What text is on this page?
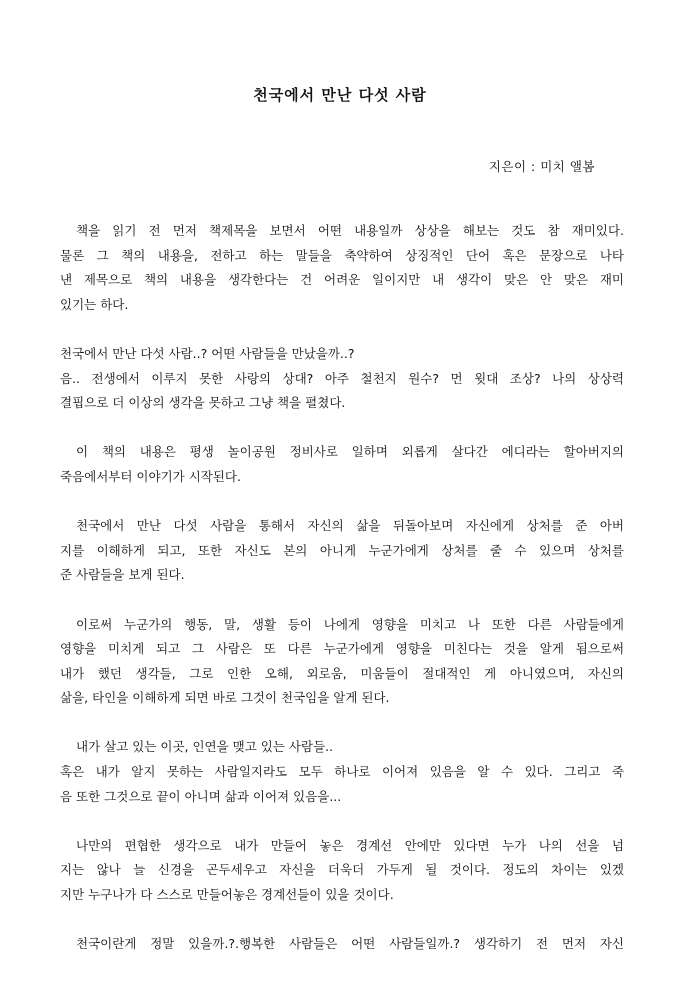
천국에서 만난 다섯 사람
지은이 : 미치 앨봄

책을 읽기 전 먼저 책제목을 보면서 어떤 내용일까 상상을 해보는 것도 참 재미있다.
물론 그 책의 내용을, 전하고 하는 말들을 축약하여 상징적인 단어 혹은 문장으로 나타
낸 제목으로 책의 내용을 생각한다는 건 어려운 일이지만 내 생각이 맞은 안 맞은 재미
있기는 하다.

천국에서 만난 다섯 사람..? 어떤 사람들을 만났을까..?
음.. 전생에서 이루지 못한 사랑의 상대? 아주 철천지 원수? 먼 윗대 조상? 나의 상상력
결핍으로 더 이상의 생각을 못하고 그냥 책을 펼쳤다.

이 책의 내용은 평생 놀이공원 정비사로 일하며 외롭게 살다간 에디라는 할아버지의
죽음에서부터 이야기가 시작된다.

천국에서 만난 다섯 사람을 통해서 자신의 삶을 뒤돌아보며 자신에게 상처를 준 아버
지를 이해하게 되고, 또한 자신도 본의 아니게 누군가에게 상처를 줄 수 있으며 상처를
준 사람들을 보게 된다.

이로써 누군가의 행동, 말, 생활 등이 나에게 영향을 미치고 나 또한 다른 사람들에게
영향을 미치게 되고 그 사람은 또 다른 누군가에게 영향을 미친다는 것을 알게 됨으로써
내가 했던 생각들, 그로 인한 오해, 외로움, 미움들이 절대적인 게 아니였으며, 자신의
삶을, 타인을 이해하게 되면 바로 그것이 천국임을 알게 된다.

내가 살고 있는 이곳, 인연을 맺고 있는 사람들..
혹은 내가 알지 못하는 사람일지라도 모두 하나로 이어져 있음을 알 수 있다. 그리고 죽
음 또한 그것으로 끝이 아니며 삶과 이어져 있음을...

나만의 편협한 생각으로 내가 만들어 놓은 경계선 안에만 있다면 누가 나의 선을 넘
지는 않나 늘 신경을 곤두세우고 자신을 더욱더 가두게 될 것이다. 정도의 차이는 있겠
지만 누구나가 다 스스로 만들어놓은 경계선들이 있을 것이다.

천국이란게 정말 있을까.?.행복한 사람들은 어떤 사람들일까.? 생각하기 전 먼저 자신
